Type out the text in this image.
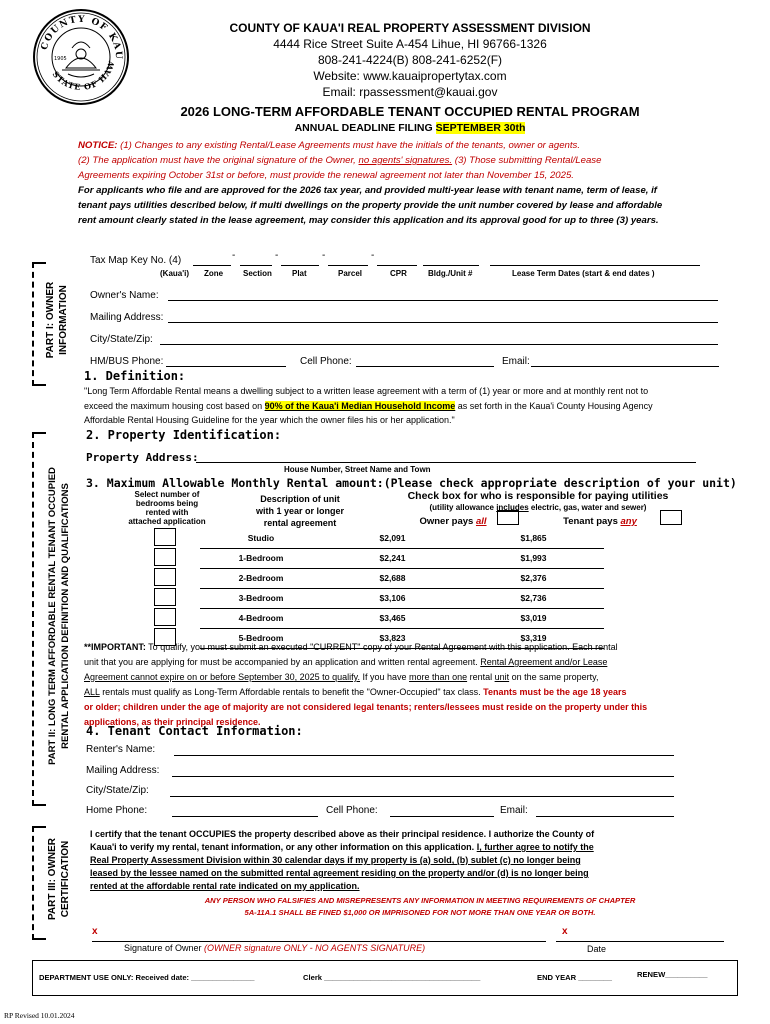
1905
COUNTY OF KAU
STATE OF HAW
COUNTY OF KAUA'I REAL PROPERTY ASSESSMENT DIVISION
4444 Rice Street Suite A-454 Lihue, HI 96766-1326
808-241-4224(B) 808-241-6252(F)
Website: www.kauaipropertytax.com
Email: rpassessment@kauai.gov
2026 LONG-TERM AFFORDABLE TENANT OCCUPIED RENTAL PROGRAM
ANNUAL DEADLINE FILING SEPTEMBER 30th
NOTICE: (1) Changes to any existing Rental/Lease Agreements must have the initials of the tenants, owner or agents.
(2) The application must have the original signature of the Owner, no agents' signatures. (3) Those submitting Rental/Lease
Agreements expiring October 31st or before, must provide the renewal agreement not later than November 15, 2025.
For applicants who file and are approved for the 2026 tax year, and provided multi-year lease with tenant name, term of lease, if
tenant pays utilities described below, if multi dwellings on the property provide the unit number covered by lease and affordable
rent amount clearly stated in the lease agreement, may consider this application and its approval good for up to three (3) years.
PART I: OWNER INFORMATION
Tax Map Key No. (4)	-	-	-	-
(Kaua'i) Zone Section	Plat	Parcel	CPR	Bldg./Unit #	Lease Term Dates (start & end dates )
Owner's Name:
Mailing Address:
City/State/Zip:
HM/BUS Phone:	Cell Phone:	Email:
1. Definition:
"Long Term Affordable Rental means a dwelling subject to a written lease agreement with a term of (1) year or more and at monthly rent not to
exceed the maximum housing cost based on 90% of the Kaua'i Median Household Income as set forth in the Kaua'i County Housing Agency
Affordable Rental Housing Guideline for the year which the owner files his or her application."
PART II: LONG TERM AFFORDABLE RENTAL TENANT OCCUPIED RENTAL APPLICATION DEFINITION AND QUALIFICATIONS
2. Property Identification:
Property Address:
House Number, Street Name and Town
3. Maximum Allowable Monthly Rental amount:(Please check appropriate description of your unit)
Select number of
bedrooms being
rented with
attached application
Description of unit
with 1 year or longer
rental agreement
Check box for who is responsible for paying utilities
(utility allowance includes electric, gas, water and sewer)
Owner pays all	Tenant pays any
		Studio	$2,091	$1,865
		1-Bedroom	$2,241	$1,993
		2-Bedroom	$2,688	$2,376
		3-Bedroom	$3,106	$2,736
		4-Bedroom	$3,465	$3,019
		5-Bedroom	$3,823	$3,319
**IMPORTANT: To qualify, you must submit an executed "CURRENT" copy of your Rental Agreement with this application. Each rental
unit that you are applying for must be accompanied by an application and written rental agreement. Rental Agreement and/or Lease
Agreement cannot expire on or before September 30, 2025 to qualify. If you have more than one rental unit on the same property,
ALL rentals must qualify as Long-Term Affordable rentals to benefit the "Owner-Occupied" tax class. Tenants must be the age 18 years
or older; children under the age of majority are not considered legal tenants; renters/lessees must reside on the property under this
applications, as their principal residence.
4. Tenant Contact Information:
Renter's Name:
Mailing Address:
City/State/Zip:
Home Phone:	Cell Phone:	Email:
PART III: OWNER CERTIFICATION
I certify that the tenant OCCUPIES the property described above as their principal residence. I authorize the County of
Kaua'i to verify my rental, tenant information, or any other information on this application. I, further agree to notify the
Real Property Assessment Division within 30 calendar days if my property is (a) sold, (b) sublet (c) no longer being
leased by the lessee named on the submitted rental agreement residing on the property and/or (d) is no longer being
rented at the affordable rental rate indicated on my application.
ANY PERSON WHO FALSIFIES AND MISREPRESENTS ANY INFORMATION IN MEETING REQUIREMENTS OF CHAPTER
5A-11A.1 SHALL BE FINED $1,000 OR IMPRISONED FOR NOT MORE THAN ONE YEAR OR BOTH.
x	x
Signature of Owner (OWNER signature ONLY - NO AGENTS SIGNATURE)	Date
DEPARTMENT USE ONLY: Received date: _______________	Clerk _____________________________________	END YEAR ________	RENEW__________
RP Revised 10.01.2024
